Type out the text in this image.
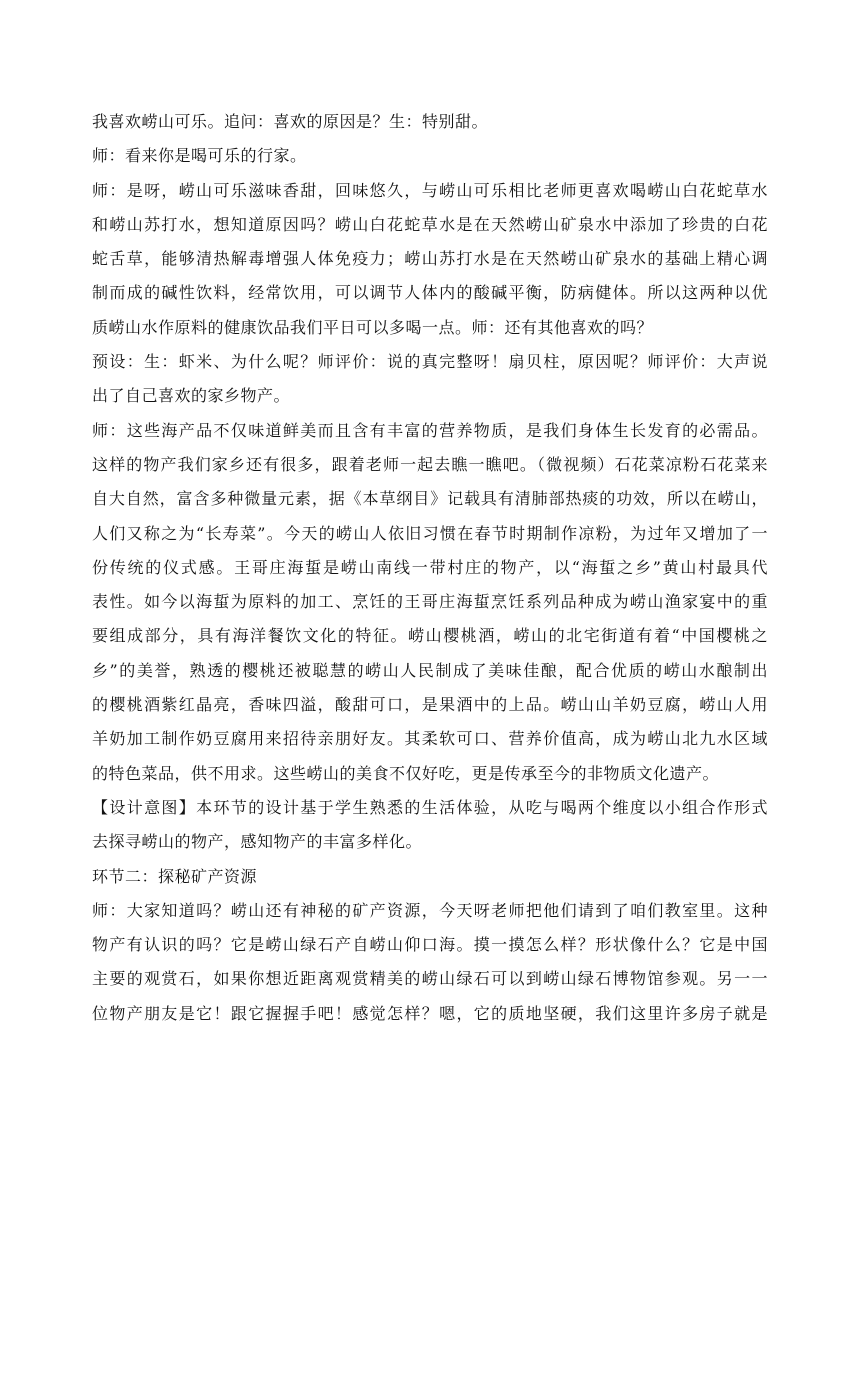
我喜欢崂山可乐。追问：喜欢的原因是？生：特别甜。
师：看来你是喝可乐的行家。
师：是呀，崂山可乐滋味香甜，回味悠久，与崂山可乐相比老师更喜欢喝崂山白花蛇草水
和崂山苏打水，想知道原因吗？崂山白花蛇草水是在天然崂山矿泉水中添加了珍贵的白花
蛇舌草，能够清热解毒增强人体免疫力；崂山苏打水是在天然崂山矿泉水的基础上精心调
制而成的碱性饮料，经常饮用，可以调节人体内的酸碱平衡，防病健体。所以这两种以优
质崂山水作原料的健康饮品我们平日可以多喝一点。师：还有其他喜欢的吗？
预设：生：虾米、为什么呢？师评价：说的真完整呀！扇贝柱，原因呢？师评价：大声说
出了自己喜欢的家乡物产。
师：这些海产品不仅味道鲜美而且含有丰富的营养物质，是我们身体生长发育的必需品。
这样的物产我们家乡还有很多，跟着老师一起去瞧一瞧吧。（微视频）石花菜凉粉石花菜来
自大自然，富含多种微量元素，据《本草纲目》记载具有清肺部热痰的功效，所以在崂山，
人们又称之为“长寿菜”。今天的崂山人依旧习惯在春节时期制作凉粉，为过年又增加了一
份传统的仪式感。王哥庄海蜇是崂山南线一带村庄的物产，以“海蜇之乡”黄山村最具代
表性。如今以海蜇为原料的加工、烹饪的王哥庄海蜇烹饪系列品种成为崂山渔家宴中的重
要组成部分，具有海洋餐饮文化的特征。崂山樱桃酒，崂山的北宅街道有着“中国樱桃之
乡”的美誉，熟透的樱桃还被聪慧的崂山人民制成了美味佳酿，配合优质的崂山水酿制出
的樱桃酒紫红晶亮，香味四溢，酸甜可口，是果酒中的上品。崂山山羊奶豆腐，崂山人用
羊奶加工制作奶豆腐用来招待亲朋好友。其柔软可口、营养价值高，成为崂山北九水区域
的特色菜品，供不用求。这些崂山的美食不仅好吃，更是传承至今的非物质文化遗产。
【设计意图】本环节的设计基于学生熟悉的生活体验，从吃与喝两个维度以小组合作形式
去探寻崂山的物产，感知物产的丰富多样化。
环节二：探秘矿产资源
师：大家知道吗？崂山还有神秘的矿产资源，今天呀老师把他们请到了咱们教室里。这种
物产有认识的吗？它是崂山绿石产自崂山仰口海。摸一摸怎么样？形状像什么？它是中国
主要的观赏石，如果你想近距离观赏精美的崂山绿石可以到崂山绿石博物馆参观。另一一
位物产朋友是它！跟它握握手吧！感觉怎样？嗯，它的质地坚硬，我们这里许多房子就是
